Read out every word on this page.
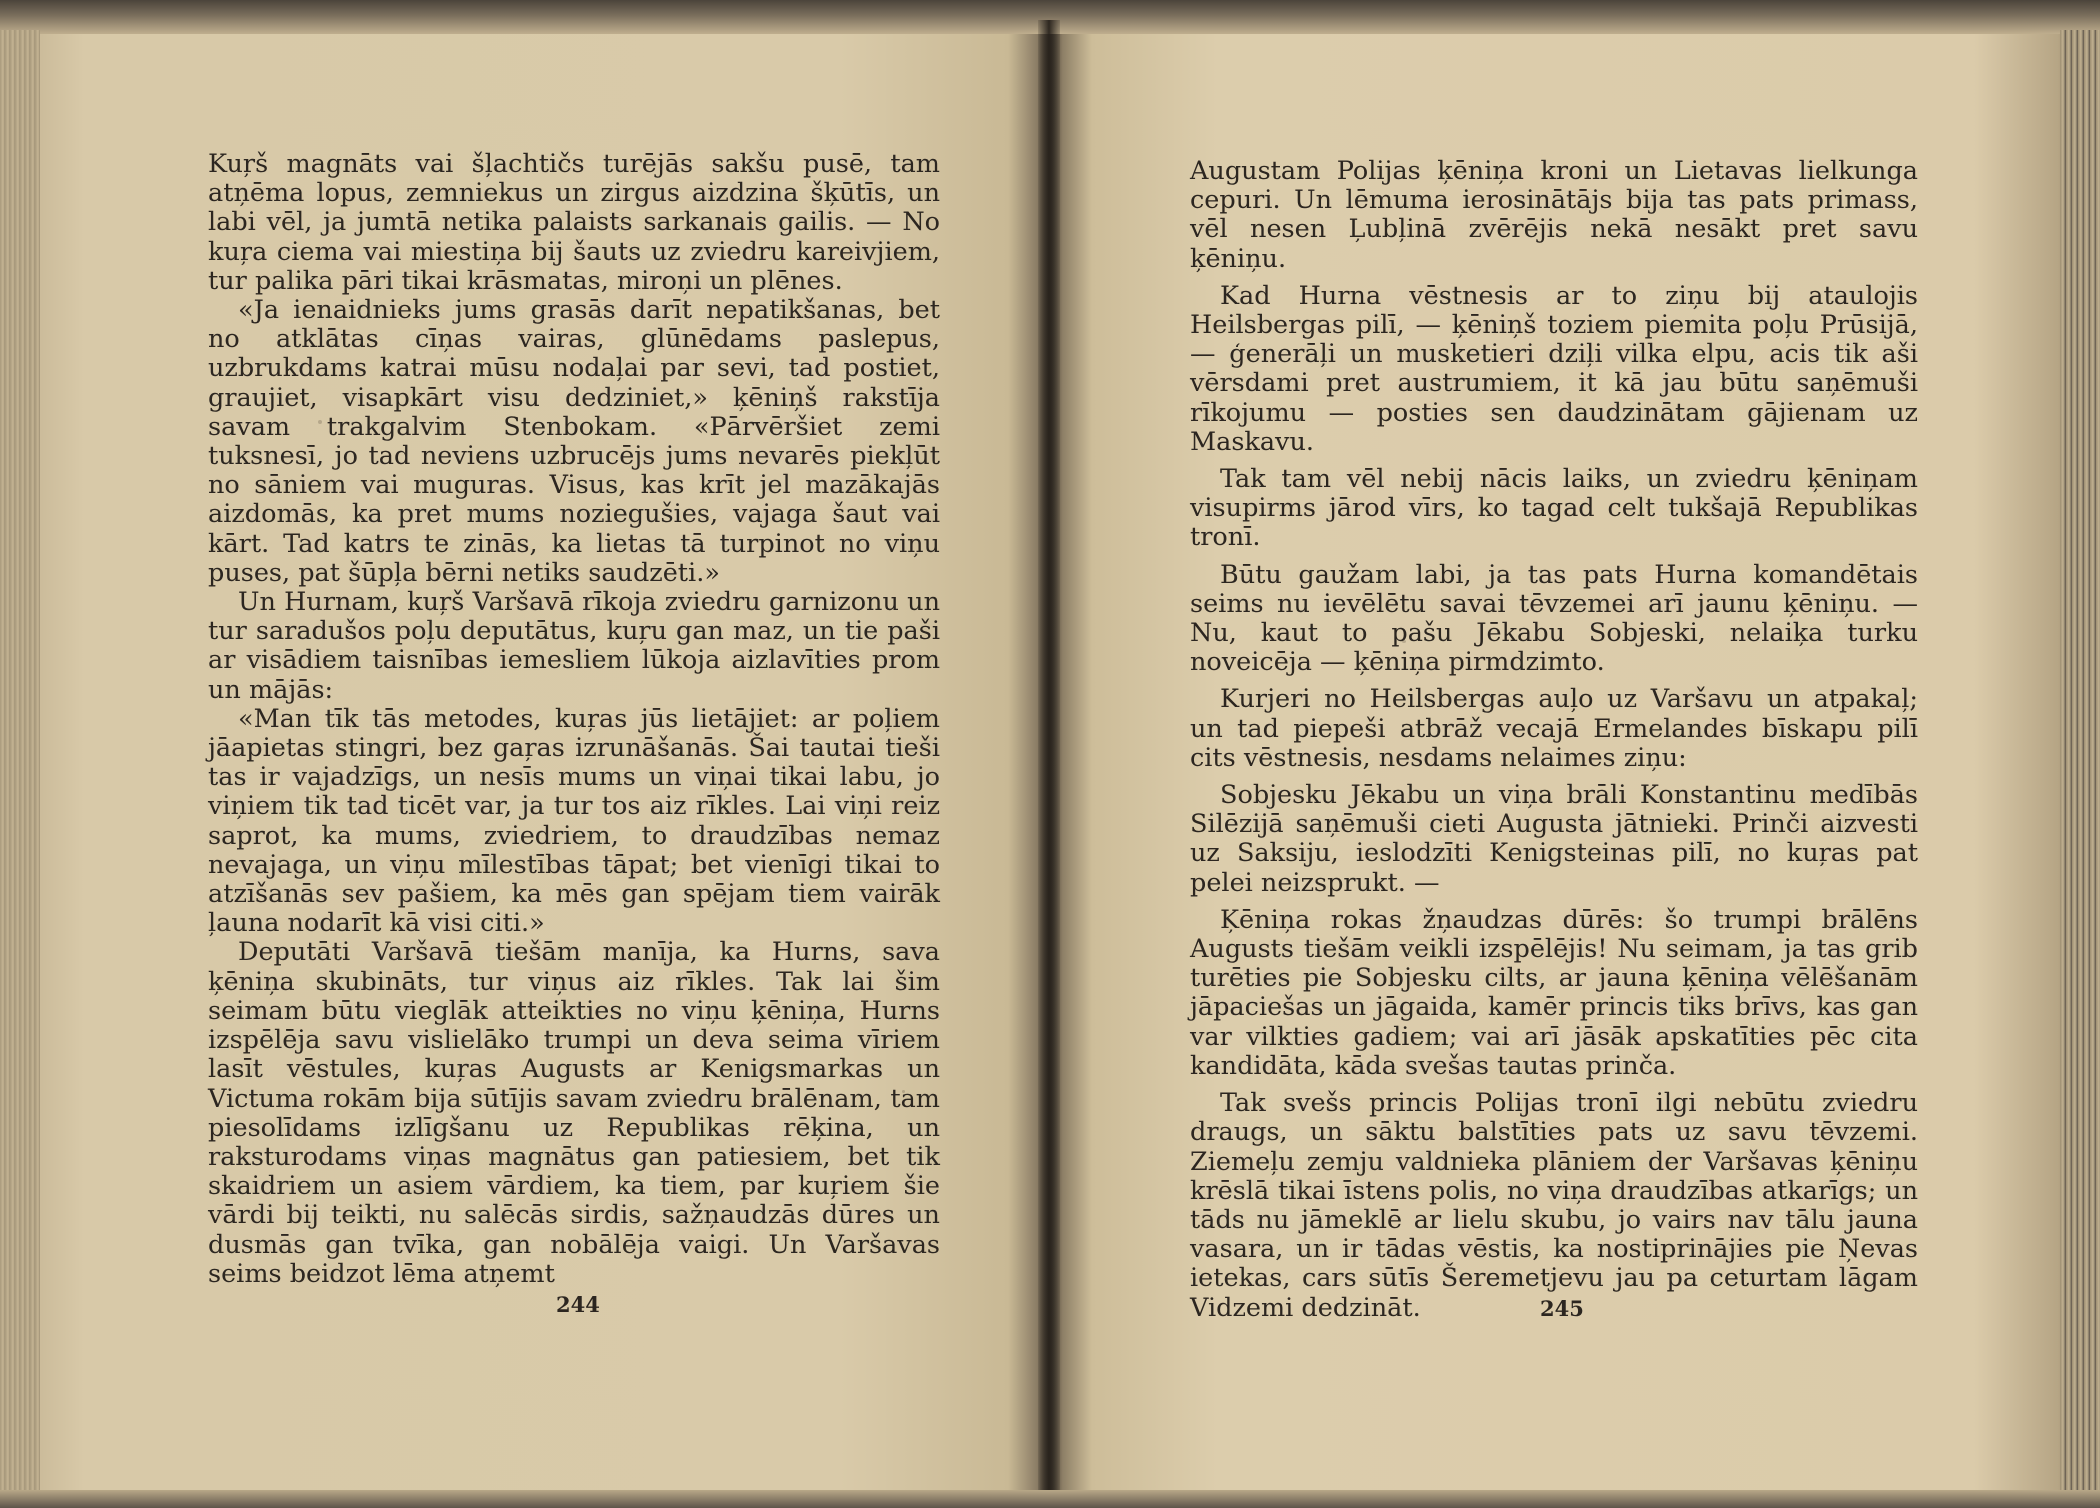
Kuŗš magnāts vai šļachtičs turējās sakšu pusē, tam atņēma lopus, zemniekus un zirgus aizdzina šķūtīs, un labi vēl, ja jumtā netika palaists sarkanais gailis. — No kuŗa ciema vai miestiņa bij šauts uz zviedru kareivjiem, tur palika pāri tikai krāsmatas, miroņi un plēnes.

«Ja ienaidnieks jums grasās darīt nepatikšanas, bet no atklātas cīņas vairas, glūnēdams paslepus, uzbrukdams katrai mūsu nodaļai par sevi, tad postiet, graujiet, visapkārt visu dedziniet,» ķēniņš rakstīja savam trakgalvim Stenbokam. «Pārvēršiet zemi tuksnesī, jo tad neviens uzbrucējs jums nevarēs piekļūt no sāniem vai muguras. Visus, kas krīt jel mazākajās aizdomās, ka pret mums noziegušies, vajaga šaut vai kārt. Tad katrs te zinās, ka lietas tā turpinot no viņu puses, pat šūpļa bērni netiks saudzēti.»

Un Hurnam, kuŗš Varšavā rīkoja zviedru garnizonu un tur saradušos poļu deputātus, kuŗu gan maz, un tie paši ar visādiem taisnības iemesliem lūkoja aizlavīties prom un mājās:

«Man tīk tās metodes, kuŗas jūs lietājiet: ar poļiem jāapietas stingri, bez gaŗas izrunāšanās. Šai tautai tieši tas ir vajadzīgs, un nesīs mums un viņai tikai labu, jo viņiem tik tad ticēt var, ja tur tos aiz rīkles. Lai viņi reiz saprot, ka mums, zviedriem, to draudzības nemaz nevajaga, un viņu mīlestības tāpat; bet vienīgi tikai to atzīšanās sev pašiem, ka mēs gan spējam tiem vairāk ļauna nodarīt kā visi citi.»

Deputāti Varšavā tiešām manīja, ka Hurns, sava ķēniņa skubināts, tur viņus aiz rīkles. Tak lai šim seimam būtu vieglāk atteikties no viņu ķēniņa, Hurns izspēlēja savu vislielāko trumpi un deva seima vīriem lasīt vēstules, kuŗas Augusts ar Kenigsmarkas un Victuma rokām bija sūtījis savam zviedru brālēnam, tam piesolīdams izlīgšanu uz Republikas rēķina, un raksturodams viņas magnātus gan patiesiem, bet tik skaidriem un asiem vārdiem, ka tiem, par kuŗiem šie vārdi bij teikti, nu salēcās sirdis, sažņaudzās dūres un dusmās gan tvīka, gan nobālēja vaigi. Un Varšavas seims beidzot lēma atņemt

244

Augustam Polijas ķēniņa kroni un Lietavas lielkunga cepuri. Un lēmuma ierosinātājs bija tas pats primass, vēl nesen Ļubļinā zvērējis nekā nesākt pret savu ķēniņu.

Kad Hurna vēstnesis ar to ziņu bij ataulojis Heilsbergas pilī, — ķēniņš toziem piemita poļu Prūsijā, — ģenerāļi un musketieri dziļi vilka elpu, acis tik aši vērsdami pret austrumiem, it kā jau būtu saņēmuši rīkojumu — posties sen daudzinātam gājienam uz Maskavu.

Tak tam vēl nebij nācis laiks, un zviedru ķēniņam visupirms jārod vīrs, ko tagad celt tukšajā Republikas tronī.

Būtu gaužam labi, ja tas pats Hurna komandētais seims nu ievēlētu savai tēvzemei arī jaunu ķēniņu. — Nu, kaut to pašu Jēkabu Sobjeski, nelaiķa turku noveicēja — ķēniņa pirmdzimto.

Kurjeri no Heilsbergas auļo uz Varšavu un atpakaļ; un tad piepeši atbrāž vecajā Ermelandes bīskapu pilī cits vēstnesis, nesdams nelaimes ziņu:

Sobjesku Jēkabu un viņa brāli Konstantinu medībās Silēzijā saņēmuši cieti Augusta jātnieki. Prinči aizvesti uz Saksiju, ieslodzīti Kenigsteinas pilī, no kuŗas pat pelei neizsprukt. —

Ķēniņa rokas žņaudzas dūrēs: šo trumpi brālēns Augusts tiešām veikli izspēlējis! Nu seimam, ja tas grib turēties pie Sobjesku cilts, ar jauna ķēniņa vēlēšanām jāpaciešas un jāgaida, kamēr princis tiks brīvs, kas gan var vilkties gadiem; vai arī jāsāk apskatīties pēc cita kandidāta, kāda svešas tautas prinča.

Tak svešs princis Polijas tronī ilgi nebūtu zviedru draugs, un sāktu balstīties pats uz savu tēvzemi. Ziemeļu zemju valdnieka plāniem der Varšavas ķēniņu krēslā tikai īstens polis, no viņa draudzības atkarīgs; un tāds nu jāmeklē ar lielu skubu, jo vairs nav tālu jauna vasara, un ir tādas vēstis, ka nostiprinājies pie Ņevas ietekas, cars sūtīs Šeremetjevu jau pa ceturtam lāgam Vidzemi dedzināt.	245
